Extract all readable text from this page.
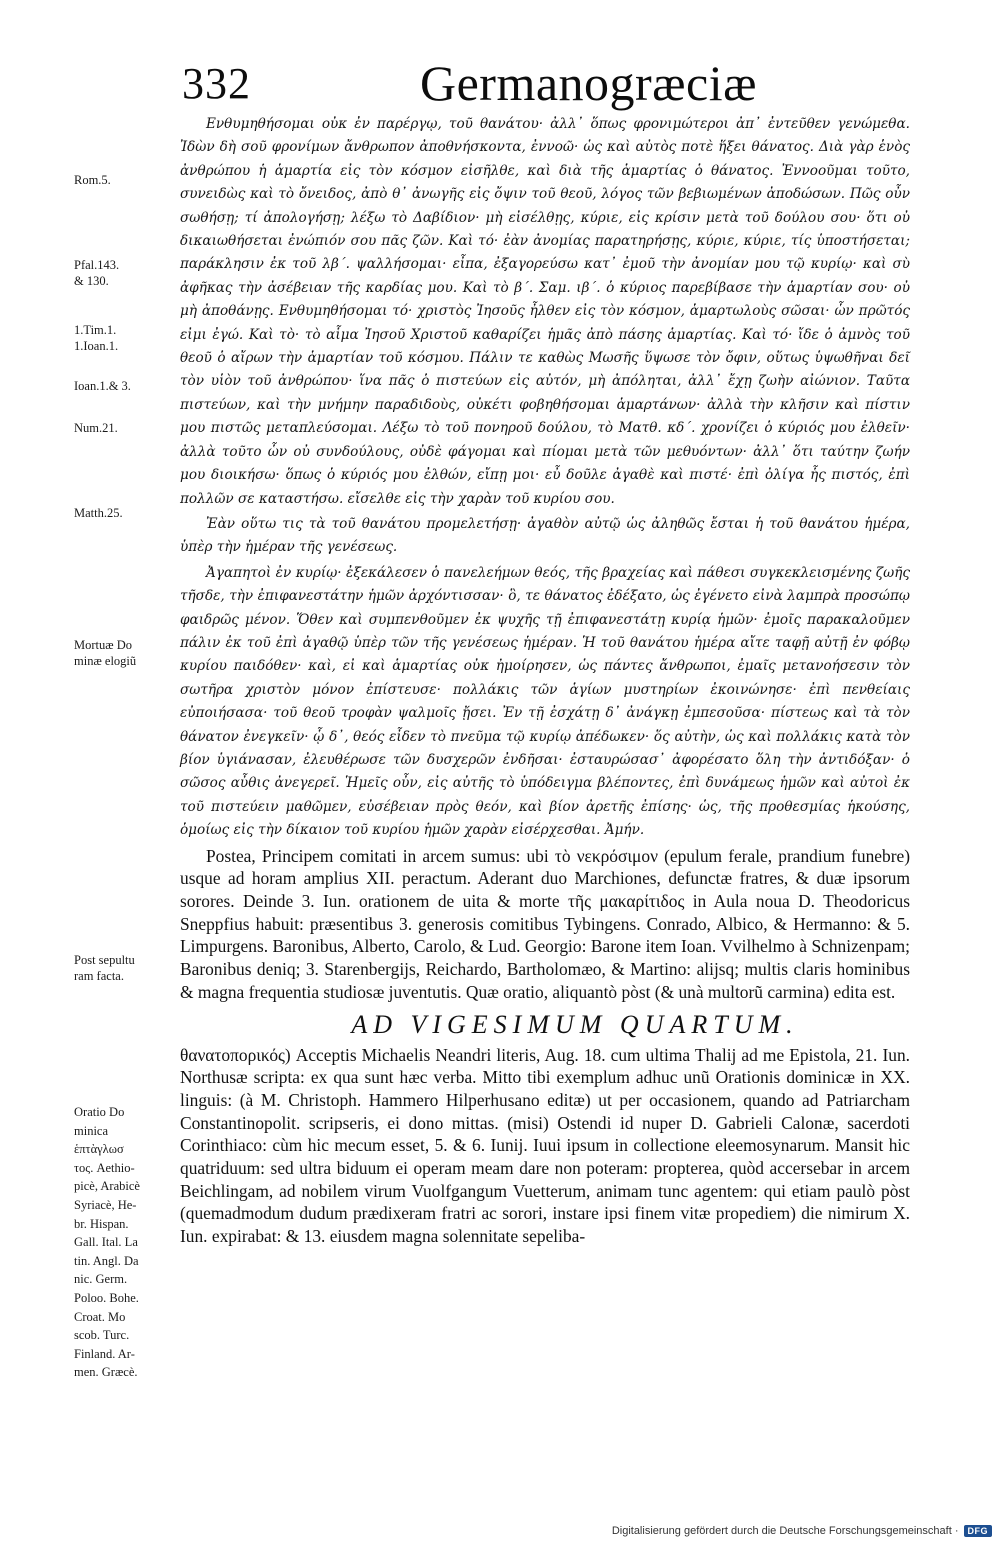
332	Germanogræciæ
Rom.5.
Pfal.143.
& 130.
1.Tim.1.
1.Ioan.1.
Ioan.1.& 3.
Num.21.
Matth.25.
Mortuæ Do
minæ elogiũ
Post sepultu
ram facta.
Oratio Do
minica
ἑπτὰγλωσ
τος. Aethio-
picè, Arabicè
Syriacè, He-
br. Hispan.
Gall. Ital. La
tin. Angl. Da
nic. Germ.
Poloo. Bohe.
Croat. Mo
scob. Turc.
Finland. Ar-
men. Græcè.

Ενθυμηθήσομαι οὐκ ἐν παρέργῳ, τοῦ θανάτου· ἀλλ᾽ ὅπως φρονιμώτεροι ἀπ᾽ ἐντεῦθεν γενώμεθα. Ἰδὼν δὴ σοῦ φρονίμων ἄνθρωπον ἀποθνήσκοντα, ἐννοῶ· ὡς καὶ αὐτὸς ποτὲ ἥξει θάνατος. Διὰ γὰρ ἑνὸς ἀνθρώπου ἡ ἁμαρτία εἰς τὸν κόσμον εἰσῆλθε, καὶ διὰ τῆς ἁμαρτίας ὁ θάνατος. Ἐννοοῦμαι τοῦτο, συνειδὼς καὶ τὸ ὄνειδος, ἀπὸ θ᾽ ἀνωγῆς εἰς ὄψιν τοῦ θεοῦ, λόγος τῶν βεβιωμένων ἀποδώσων. Πῶς οὖν σωθήσῃ; τί ἀπολογήσῃ; λέξω τὸ Δαβίδιον· μὴ εἰσέλθῃς, κύριε, εἰς κρίσιν μετὰ τοῦ δούλου σου· ὅτι οὐ δικαιωθήσεται ἐνώπιόν σου πᾶς ζῶν. Καὶ τό· ἐὰν ἀνομίας παρατηρήσῃς, κύριε, κύριε, τίς ὑποστήσεται; παράκλησιν ἐκ τοῦ λβ΄. ψαλλήσομαι· εἶπα, ἐξαγορεύσω κατ᾽ ἐμοῦ τὴν ἀνομίαν μου τῷ κυρίῳ· καὶ σὺ ἀφῆκας τὴν ἀσέβειαν τῆς καρδίας μου. Καὶ τὸ β΄. Σαμ. ιβ΄. ὁ κύριος παρεβίβασε τὴν ἁμαρτίαν σου· οὐ μὴ ἀποθάνῃς. Ενθυμηθήσομαι τό· χριστὸς Ἰησοῦς ἦλθεν εἰς τὸν κόσμον, ἁμαρτωλοὺς σῶσαι· ὧν πρῶτός εἰμι ἐγώ. Καὶ τὸ· τὸ αἷμα Ἰησοῦ Χριστοῦ καθαρίζει ἡμᾶς ἀπὸ πάσης ἁμαρτίας. Καὶ τό· ἴδε ὁ ἀμνὸς τοῦ θεοῦ ὁ αἴρων τὴν ἁμαρτίαν τοῦ κόσμου. Πάλιν τε καθὼς Μωσῆς ὕψωσε τὸν ὄφιν, οὕτως ὑψωθῆναι δεῖ τὸν υἱὸν τοῦ ἀνθρώπου· ἵνα πᾶς ὁ πιστεύων εἰς αὐτόν, μὴ ἀπόληται, ἀλλ᾽ ἔχῃ ζωὴν αἰώνιον. Ταῦτα πιστεύων, καὶ τὴν μνήμην παραδιδοὺς, οὐκέτι φοβηθήσομαι ἁμαρτάνων· ἀλλὰ τὴν κλῆσιν καὶ πίστιν μου πιστῶς μεταπλεύσομαι. Λέξω τὸ τοῦ πονηροῦ δούλου, τὸ Ματθ. κδ΄. χρονίζει ὁ κύριός μου ἐλθεῖν· ἀλλὰ τοῦτο ὧν οὐ συνδούλους, οὐδὲ φάγομαι καὶ πίομαι μετὰ τῶν μεθυόντων· ἀλλ᾽ ὅτι ταύτην ζωήν μου διοικήσω· ὅπως ὁ κύριός μου ἐλθών, εἴπῃ μοι· εὖ δοῦλε ἀγαθὲ καὶ πιστέ· ἐπὶ ὀλίγα ἧς πιστός, ἐπὶ πολλῶν σε καταστήσω. εἴσελθε εἰς τὴν χαρὰν τοῦ κυρίου σου.

Ἐὰν οὕτω τις τὰ τοῦ θανάτου προμελετήσῃ· ἀγαθὸν αὐτῷ ὡς ἀληθῶς ἔσται ἡ τοῦ θανάτου ἡμέρα, ὑπὲρ τὴν ἡμέραν τῆς γενέσεως.

Ἀγαπητοὶ ἐν κυρίῳ· ἐξεκάλεσεν ὁ πανελεήμων θεός, τῆς βραχείας καὶ πάθεσι συγκεκλεισμένης ζωῆς τῆσδε, τὴν ἐπιφανεστάτην ἡμῶν ἀρχόντισσαν· ὃ, τε θάνατος ἐδέξατο, ὡς ἐγένετο εἰνὰ λαμπρὰ προσώπῳ φαιδρῶς μένον. Ὅθεν καὶ συμπενθοῦμεν ἐκ ψυχῆς τῇ ἐπιφανεστάτῃ κυρίᾳ ἡμῶν· ἐμοῖς παρακαλοῦμεν πάλιν ἐκ τοῦ ἐπὶ ἀγαθῷ ὑπὲρ τῶν τῆς γενέσεως ἡμέραν. Ἡ τοῦ θανάτου ἡμέρα αἴτε ταφῇ αὐτῇ ἐν φόβῳ κυρίου παιδόθεν· καὶ, εἰ καὶ ἁμαρτίας οὐκ ἠμοίρησεν, ὡς πάντες ἄνθρωποι, ἐμαῖς μετανοήσεσιν τὸν σωτῆρα χριστὸν μόνον ἐπίστευσε· πολλάκις τῶν ἁγίων μυστηρίων ἐκοινώνησε· ἐπὶ πενθείαις εὐποιήσασα· τοῦ θεοῦ τροφὰν ψαλμοῖς ᾔσει. Ἐν τῇ ἐσχάτῃ δ᾽ ἀνάγκῃ ἐμπεσοῦσα· πίστεως καὶ τὰ τὸν θάνατον ἐνεγκεῖν· ᾧ δ᾽, θεός εἶδεν τὸ πνεῦμα τῷ κυρίῳ ἀπέδωκεν· ὅς αὐτὴν, ὡς καὶ πολλάκις κατὰ τὸν βίον ὑγιάνασαν, ἐλευθέρωσε τῶν δυσχερῶν ἐνδῆσαι· ἐσταυρώσασ᾽ ἀφορέσατο ὅλη τὴν ἀντιδόξαν· ὁ σῶσος αὖθις ἀνεγερεῖ. Ἡμεῖς οὖν, εἰς αὐτῆς τὸ ὑπόδειγμα βλέποντες, ἐπὶ δυνάμεως ἡμῶν καὶ αὐτοὶ ἐκ τοῦ πιστεύειν μαθῶμεν, εὐσέβειαν πρὸς θεόν, καὶ βίον ἀρετῆς ἐπίσης· ὡς, τῆς προθεσμίας ἡκούσης, ὁμοίως εἰς τὴν δίκαιον τοῦ κυρίου ἡμῶν χαρὰν εἰσέρχεσθαι. Ἀμήν.

Postea, Principem comitati in arcem sumus: ubi τὸ νεκρόσιμον (epulum ferale, prandium funebre) usque ad horam amplius XII. peractum. Aderant duo Marchiones, defunctæ fratres, & duæ ipsorum sorores. Deinde 3. Iun. orationem de uita & morte τῆς μακαρίτιδος in Aula noua D. Theodoricus Sneppfius habuit: præsentibus 3. generosis comitibus Tybingens. Conrado, Albico, & Hermanno: & 5. Limpurgens. Baronibus, Alberto, Carolo, & Lud. Georgio: Barone item Ioan. Vvilhelmo à Schnizenpam; Baronibus deniq; 3. Starenbergijs, Reichardo, Bartholomæo, & Martino: alijsq; multis claris hominibus & magna frequentia studiosæ juventutis. Quæ oratio, aliquantò pòst (& unà multorũ carmina) edita est.

AD VIGESIMUM QUARTUM.

θανατοπορικός) Acceptis Michaelis Neandri literis, Aug. 18. cum ultima Thalij ad me Epistola, 21. Iun. Northusæ scripta: ex qua sunt hæc verba. Mitto tibi exemplum adhuc unũ Orationis dominicæ in XX. linguis: (à M. Christoph. Hammero Hilperhusano editæ) ut per occasionem, quando ad Patriarcham Constantinopolit. scripseris, ei dono mittas. (misi) Ostendi id nuper D. Gabrieli Calonæ, sacerdoti Corinthiaco: cùm hic mecum esset, 5. & 6. Iunij. Iuui ipsum in collectione eleemosynarum. Mansit hic quatriduum: sed ultra biduum ei operam meam dare non poteram: propterea, quòd accersebar in arcem Beichlingam, ad nobilem virum Vuolfgangum Vuetterum, animam tunc agentem: qui etiam paulò pòst (quemadmodum dudum prædixeram fratri ac sorori, instare ipsi finem vitæ propediem) die nimirum X. Iun. expirabat: & 13. eiusdem magna solennitate sepeliba-

Digitalisierung gefördert durch die Deutsche Forschungsgemeinschaft ·	DFG
